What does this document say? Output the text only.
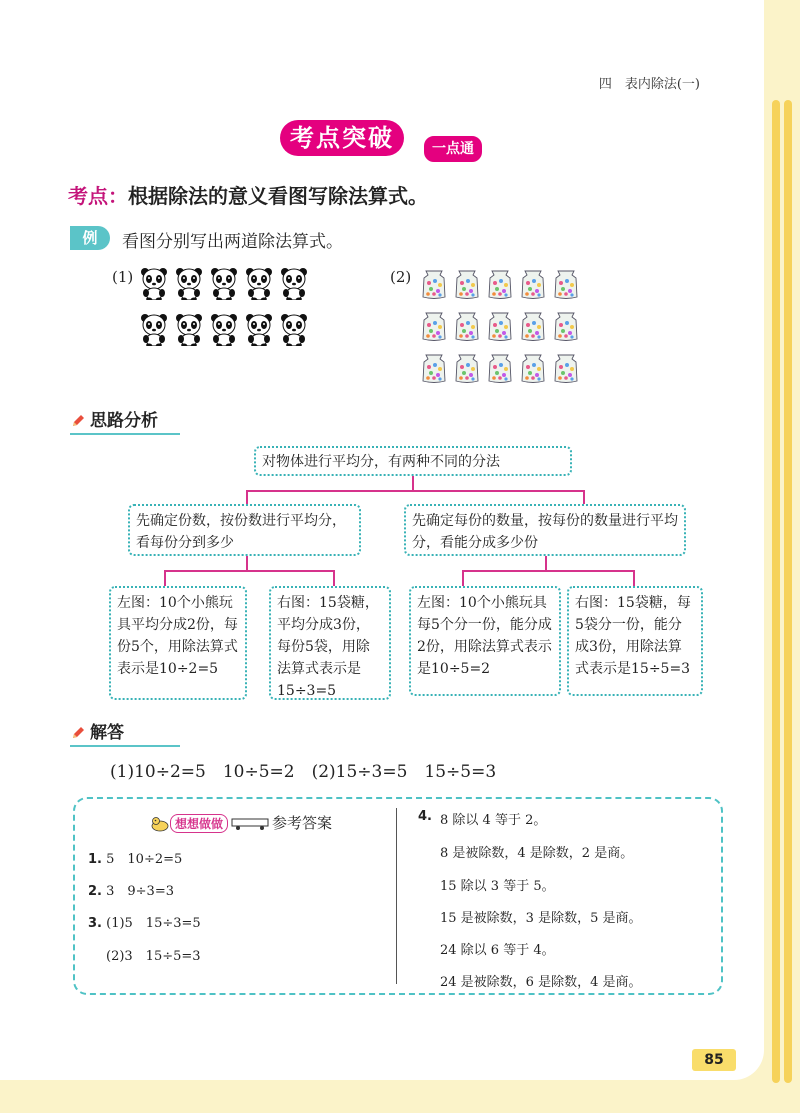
四　表内除法(一)
考点突破	一点通
考点：根据除法的意义看图写除法算式。
例	看图分别写出两道除法算式。
(1)	(2)
思路分析
对物体进行平均分，有两种不同的分法
先确定份数，按份数进行平均分，看每份分到多少
先确定每份的数量，按每份的数量进行平均分，看能分成多少份
左图：10个小熊玩具平均分成2份，每份5个，用除法算式表示是10÷2=5
右图：15袋糖，平均分成3份，每份5袋，用除法算式表示是15÷3=5
左图：10个小熊玩具每5个分一份，能分成2份，用除法算式表示是10÷5=2
右图：15袋糖，每5袋分一份，能分成3份，用除法算式表示是15÷5=3
解答
(1)10÷2=5　10÷5=2　(2)15÷3=5　15÷5=3
想想做做	参考答案
1. 5　10÷2=5
2. 3　9÷3=3
3. (1)5　15÷3=5
(2)3　15÷5=3
4. 8 除以 4 等于 2。
8 是被除数，4 是除数，2 是商。
15 除以 3 等于 5。
15 是被除数，3 是除数，5 是商。
24 除以 6 等于 4。
24 是被除数，6 是除数，4 是商。
85
